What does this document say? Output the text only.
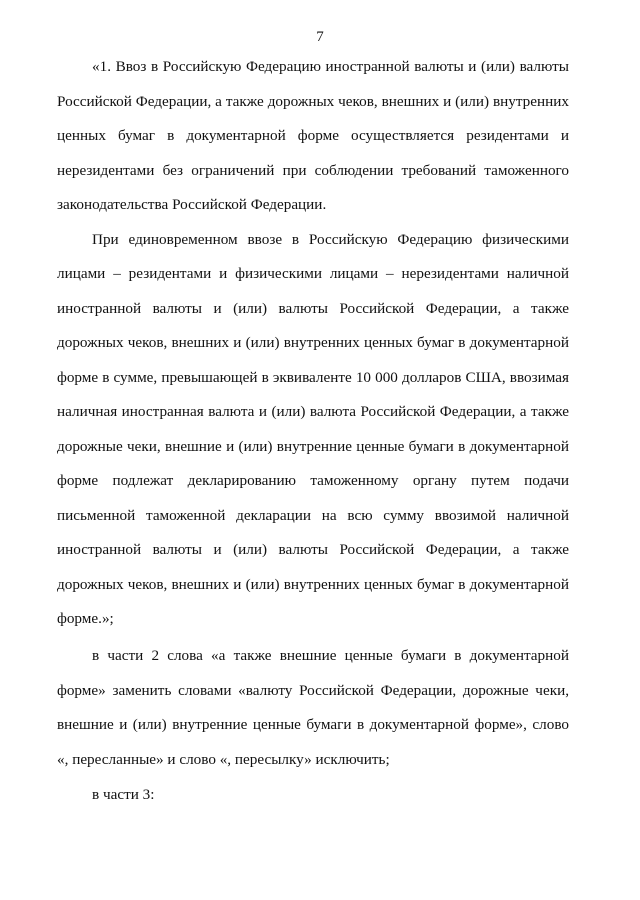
7
«1. Ввоз в Российскую Федерацию иностранной валюты и (или) валюты
Российской Федерации, а также дорожных чеков, внешних и (или) внутренних
ценных бумаг в документарной форме осуществляется резидентами и
нерезидентами без ограничений при соблюдении требований таможенного
законодательства Российской Федерации.
При единовременном ввозе в Российскую Федерацию физическими
лицами – резидентами и физическими лицами – нерезидентами наличной
иностранной валюты и (или) валюты Российской Федерации, а также
дорожных чеков, внешних и (или) внутренних ценных бумаг в документарной
форме в сумме, превышающей в эквиваленте 10 000 долларов США, ввозимая
наличная иностранная валюта и (или) валюта Российской Федерации, а также
дорожные чеки, внешние и (или) внутренние ценные бумаги в документарной
форме подлежат декларированию таможенному органу путем подачи
письменной таможенной декларации на всю сумму ввозимой наличной
иностранной валюты и (или) валюты Российской Федерации, а также
дорожных чеков, внешних и (или) внутренних ценных бумаг в документарной
форме.»;
в части 2 слова «а также внешние ценные бумаги в документарной
форме» заменить словами «валюту Российской Федерации, дорожные чеки,
внешние и (или) внутренние ценные бумаги в документарной форме», слово
«, пересланные» и слово «, пересылку» исключить;
в части 3:
